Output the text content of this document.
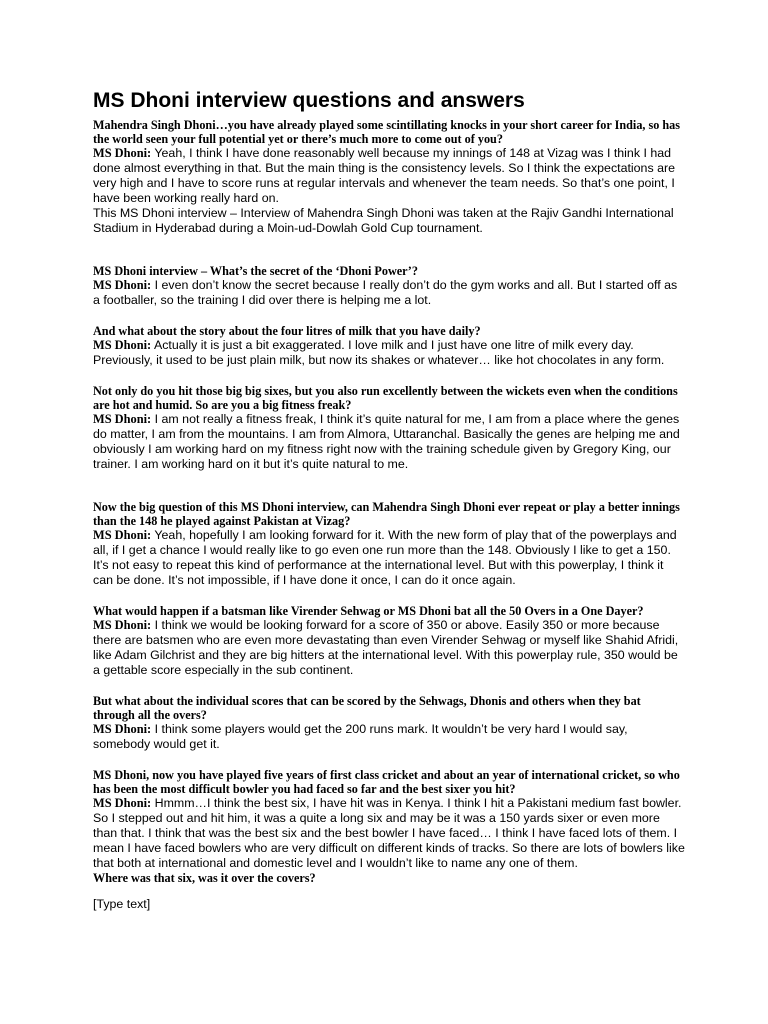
MS Dhoni interview questions and answers
Mahendra Singh Dhoni…you have already played some scintillating knocks in your short career for India, so has the world seen your full potential yet or there’s much more to come out of you?
MS Dhoni: Yeah, I think I have done reasonably well because my innings of 148 at Vizag was I think I had done almost everything in that. But the main thing is the consistency levels. So I think the expectations are very high and I have to score runs at regular intervals and whenever the team needs. So that’s one point, I have been working really hard on.
This MS Dhoni interview – Interview of Mahendra Singh Dhoni was taken at the Rajiv Gandhi International Stadium in Hyderabad during a Moin-ud-Dowlah Gold Cup tournament.
MS Dhoni interview – What’s the secret of the ‘Dhoni Power’?
MS Dhoni: I even don’t know the secret because I really don’t do the gym works and all. But I started off as a footballer, so the training I did over there is helping me a lot.
And what about the story about the four litres of milk that you have daily?
MS Dhoni: Actually it is just a bit exaggerated. I love milk and I just have one litre of milk every day. Previously, it used to be just plain milk, but now its shakes or whatever… like hot chocolates in any form.
Not only do you hit those big big sixes, but you also run excellently between the wickets even when the conditions are hot and humid. So are you a big fitness freak?
MS Dhoni: I am not really a fitness freak, I think it’s quite natural for me, I am from a place where the genes do matter, I am from the mountains. I am from Almora, Uttaranchal. Basically the genes are helping me and obviously I am working hard on my fitness right now with the training schedule given by Gregory King, our trainer. I am working hard on it but it’s quite natural to me.
Now the big question of this MS Dhoni interview, can Mahendra Singh Dhoni ever repeat or play a better innings than the 148 he played against Pakistan at Vizag?
MS Dhoni: Yeah, hopefully I am looking forward for it. With the new form of play that of the powerplays and all, if I get a chance I would really like to go even one run more than the 148. Obviously I like to get a 150. It’s not easy to repeat this kind of performance at the international level. But with this powerplay, I think it can be done. It’s not impossible, if I have done it once, I can do it once again.
What would happen if a batsman like Virender Sehwag or MS Dhoni bat all the 50 Overs in a One Dayer?
MS Dhoni: I think we would be looking forward for a score of 350 or above. Easily 350 or more because there are batsmen who are even more devastating than even Virender Sehwag or myself like Shahid Afridi, like Adam Gilchrist and they are big hitters at the international level. With this powerplay rule, 350 would be a gettable score especially in the sub continent.
But what about the individual scores that can be scored by the Sehwags, Dhonis and others when they bat through all the overs?
MS Dhoni: I think some players would get the 200 runs mark. It wouldn’t be very hard I would say, somebody would get it.
MS Dhoni, now you have played five years of first class cricket and about an year of international cricket, so who has been the most difficult bowler you had faced so far and the best sixer you hit?
MS Dhoni: Hmmm…I think the best six, I have hit was in Kenya. I think I hit a Pakistani medium fast bowler. So I stepped out and hit him, it was a quite a long six and may be it was a 150 yards sixer or even more than that. I think that was the best six and the best bowler I have faced… I think I have faced lots of them. I mean I have faced bowlers who are very difficult on different kinds of tracks. So there are lots of bowlers like that both at international and domestic level and I wouldn’t like to name any one of them.
Where was that six, was it over the covers?
[Type text]
